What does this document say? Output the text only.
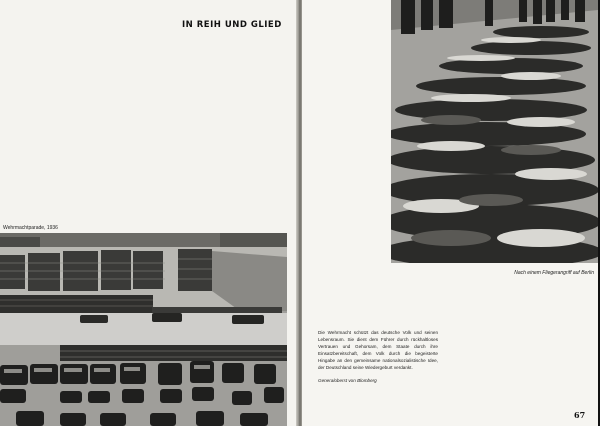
IN REIH UND GLIED
Wehrmachtparade, 1936
Nach einem Fliegerangriff auf Berlin
Die Wehrmacht schützt das deutsche Volk und seinen Lebensraum. Sie dient dem Führer durch rückhaltloses Vertrauen und Gehorsam, dem Staate durch ihre Einsatzbereitschaft, dem Volk durch die begeisterte Hingabe an den gemeinsame nationalsozialistische Idee, der Deutschland seine Wiedergeburt verdankt.
Generaloberst von Blomberg
67
